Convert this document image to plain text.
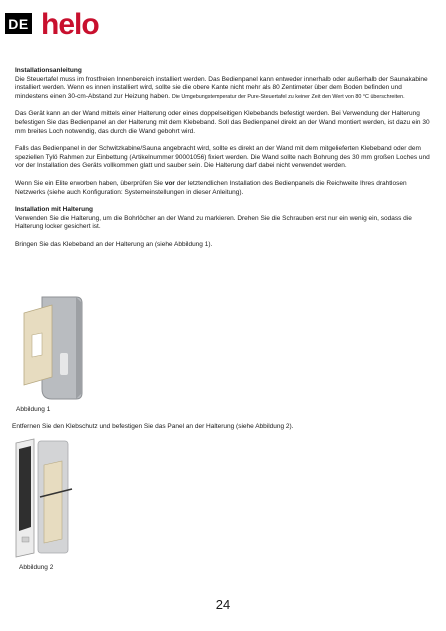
DE helo
Installationsanleitung

Die Steuertafel muss im frostfreien Innenbereich installiert werden. Das Bedienpanel kann entweder innerhalb oder außerhalb der Saunakabine installiert werden. Wenn es innen installiert wird, sollte sie die obere Kante nicht mehr als 80 Zentimeter über dem Boden befinden und mindestens einen 30-cm-Abstand zur Heizung haben. Die Umgebungstemperatur der Pure-Steuertafel zu keiner Zeit den Wert von 80 °C überschreiten.

Das Gerät kann an der Wand mittels einer Halterung oder eines doppelseitigen Klebebands befestigt werden. Bei Verwendung der Halterung befestigen Sie das Bedienpanel an der Halterung mit dem Klebeband. Soll das Bedienpanel direkt an der Wand montiert werden, ist dazu ein 30 mm breites Loch notwendig, das durch die Wand gebohrt wird.

Falls das Bedienpanel in der Schwitzkabine/Sauna angebracht wird, sollte es direkt an der Wand mit dem mitgelieferten Klebeband oder dem speziellen Tylö Rahmen zur Einbettung (Artikelnummer 90001056) fixiert werden. Die Wand sollte nach Bohrung des 30 mm großen Loches und vor der Installation des Geräts vollkommen glatt und sauber sein. Die Halterung darf dabei nicht verwendet werden.

Wenn Sie ein Elite erworben haben, überprüfen Sie vor der letztendlichen Installation des Bedienpanels die Reichweite Ihres drahtlosen Netzwerks (siehe auch Konfiguration: Systemeinstellungen in dieser Anleitung).

Installation mit Halterung

Verwenden Sie die Halterung, um die Bohrlöcher an der Wand zu markieren. Drehen Sie die Schrauben erst nur ein wenig ein, sodass die Halterung locker gesichert ist.

Bringen Sie das Klebeband an der Halterung an (siehe Abbildung 1).

Abbildung 1
Entfernen Sie den Klebschutz und befestigen Sie das Panel an der Halterung (siehe Abbildung 2).
Abbildung 2
24
